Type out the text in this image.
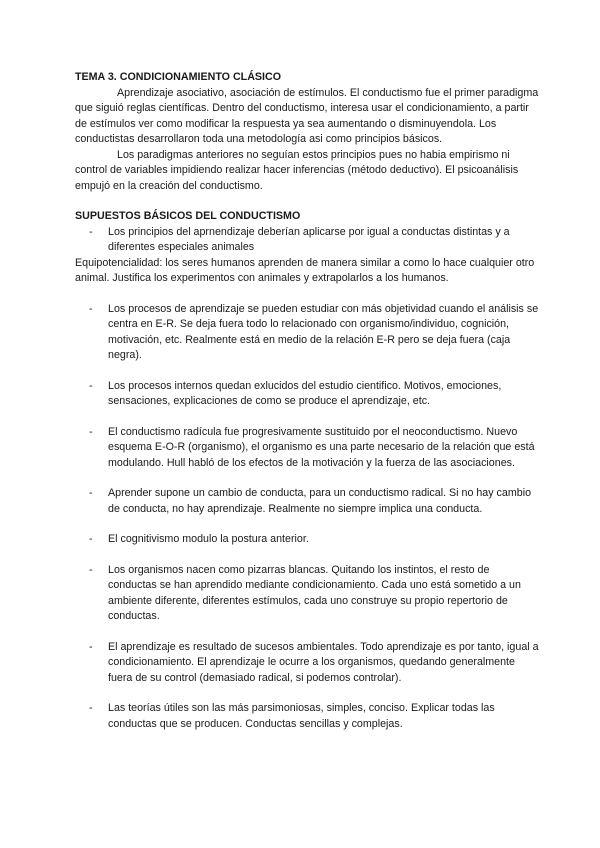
TEMA 3. CONDICIONAMIENTO CLÁSICO

Aprendizaje asociativo, asociación de estímulos. El conductismo fue el primer paradigma que siguió reglas científicas. Dentro del conductismo, interesa usar el condicionamiento, a partir de estímulos ver como modificar la respuesta ya sea aumentando o disminuyendola. Los conductistas desarrollaron toda una metodología asi como principios básicos.

Los paradigmas anteriores no seguían estos principios pues no habia empirismo ni control de variables impidiendo realizar hacer inferencias (método deductivo). El psicoanálisis empujó en la creación del conductismo.

SUPUESTOS BÁSICOS DEL CONDUCTISMO

- Los principios del aprnendizaje deberían aplicarse por igual a conductas distintas y a diferentes especiales animales

Equipotencialidad: los seres humanos aprenden de manera similar a como lo hace cualquier otro animal. Justifica los experimentos con animales y extrapolarlos a los humanos.

- Los procesos de aprendizaje se pueden estudiar con más objetividad cuando el análisis se centra en E-R. Se deja fuera todo lo relacionado con organismo/individuo, cognición, motivación, etc. Realmente está en medio de la relación E-R pero se deja fuera (caja negra).
- Los procesos internos quedan exlucidos del estudio cientifico. Motivos, emociones, sensaciones, explicaciones de como se produce el aprendizaje, etc.
- El conductismo radícula fue progresivamente sustituido por el neoconductismo. Nuevo esquema E-O-R (organismo), el organismo es una parte necesario de la relación que está modulando. Hull habló de los efectos de la motivación y la fuerza de las asociaciones.
- Aprender supone un cambio de conducta, para un conductismo radical. Si no hay cambio de conducta, no hay aprendizaje. Realmente no siempre implica una conducta.
- El cognitivismo modulo la postura anterior.
- Los organismos nacen como pizarras blancas. Quitando los instintos, el resto de conductas se han aprendido mediante condicionamiento. Cada uno está sometido a un ambiente diferente, diferentes estímulos, cada uno construye su propio repertorio de conductas.
- El aprendizaje es resultado de sucesos ambientales. Todo aprendizaje es por tanto, igual a condicionamiento. El aprendizaje le ocurre a los organismos, quedando generalmente fuera de su control (demasiado radical, si podemos controlar).
- Las teorías útiles son las más parsimoniosas, simples, conciso. Explicar todas las conductas que se producen. Conductas sencillas y complejas.
